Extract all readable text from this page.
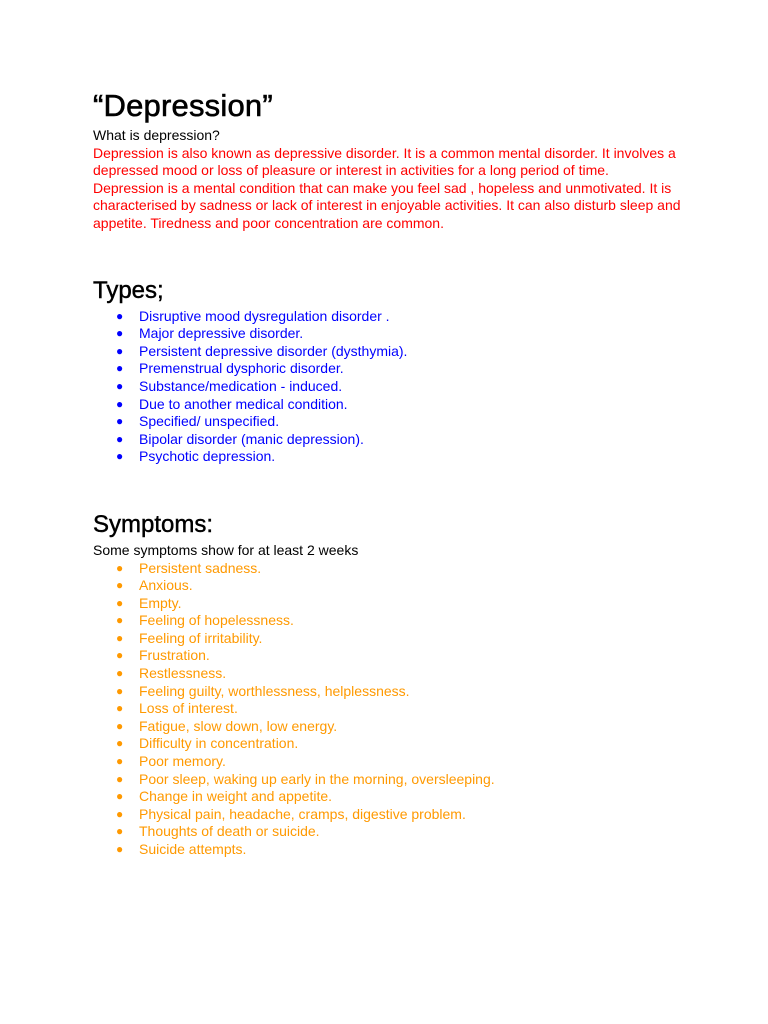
“Depression”

What is depression?

Depression is also known as depressive disorder. It is a common mental disorder. It involves a depressed mood or loss of pleasure or interest in activities for a long period of time. Depression is a mental condition that can make you feel sad , hopeless and unmotivated. It is characterised by sadness or lack of interest in enjoyable activities. It can also disturb sleep and appetite. Tiredness and poor concentration are common.

Types;
● Disruptive mood dysregulation disorder .
● Major depressive disorder.
● Persistent depressive disorder (dysthymia).
● Premenstrual dysphoric disorder.
● Substance/medication - induced.
● Due to another medical condition.
● Specified/ unspecified.
● Bipolar disorder (manic depression).
● Psychotic depression.
Symptoms:

Some symptoms show for at least 2 weeks

● Persistent sadness.
● Anxious.
● Empty.
● Feeling of hopelessness.
● Feeling of irritability.
● Frustration.
● Restlessness.
● Feeling guilty, worthlessness, helplessness.
● Loss of interest.
● Fatigue, slow down, low energy.
● Difficulty in concentration.
● Poor memory.
● Poor sleep, waking up early in the morning, oversleeping.
● Change in weight and appetite.
● Physical pain, headache, cramps, digestive problem.
● Thoughts of death or suicide.
● Suicide attempts.
